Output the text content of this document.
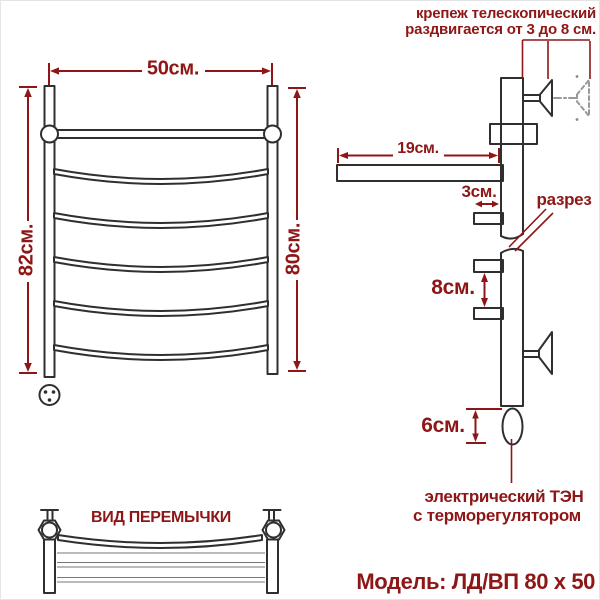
крепеж телескопический
раздвигается от 3 до 8 см.
50см.
82см.	80см.
19см.
3см. разрез
8см.
6см.
электрический ТЭН
с терморегулятором
ВИД ПЕРЕМЫЧКИ
Модель: ЛД/ВП 80 х 50
